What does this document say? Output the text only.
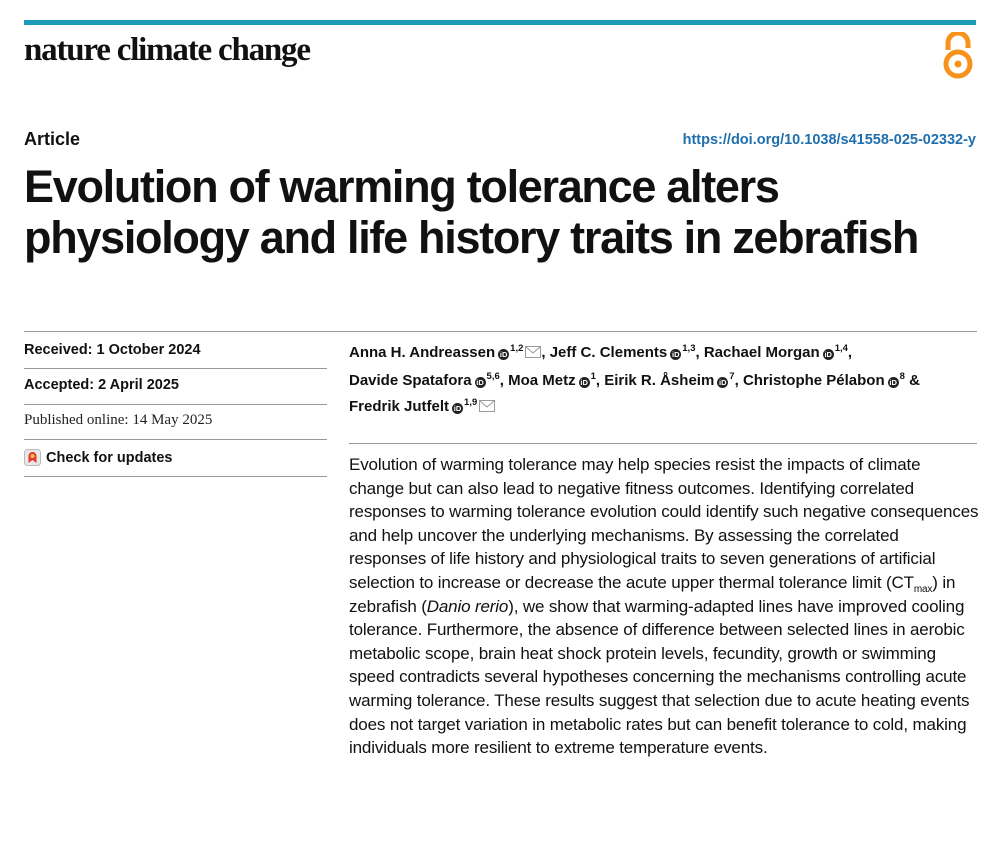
nature climate change
Article	https://doi.org/10.1038/s41558-025-02332-y
Evolution of warming tolerance alters physiology and life history traits in zebrafish
Received: 1 October 2024
Accepted: 2 April 2025
Published online: 14 May 2025
Check for updates
Anna H. Andreassen iD$^{1,2}$ , Jeff C. Clements iD$^{1,3}$, Rachael Morgan iD$^{1,4}$, Davide Spatafora iD$^{5,6}$, Moa Metz $iD^1$, Eirik R. Åsheim $iD^7$, Christophe Pélabon $iD^8$ & Fredrik Jutfelt iD$^{1,9}$

Evolution of warming tolerance may help species resist the impacts of climate change but can also lead to negative fitness outcomes. Identifying correlated responses to warming tolerance evolution could identify such negative consequences and help uncover the underlying mechanisms. By assessing the correlated responses of life history and physiological traits to seven generations of artificial selection to increase or decrease the acute upper thermal tolerance limit $(CT_{max})$ in zebrafish (Danio rerio), we show that warming-adapted lines have improved cooling tolerance. Furthermore, the absence of difference between selected lines in aerobic metabolic scope, brain heat shock protein levels, fecundity, growth or swimming speed contradicts several hypotheses concerning the mechanisms controlling acute warming tolerance. These results suggest that selection due to acute heating events does not target variation in metabolic rates but can benefit tolerance to cold, making individuals more resilient to extreme temperature events.
